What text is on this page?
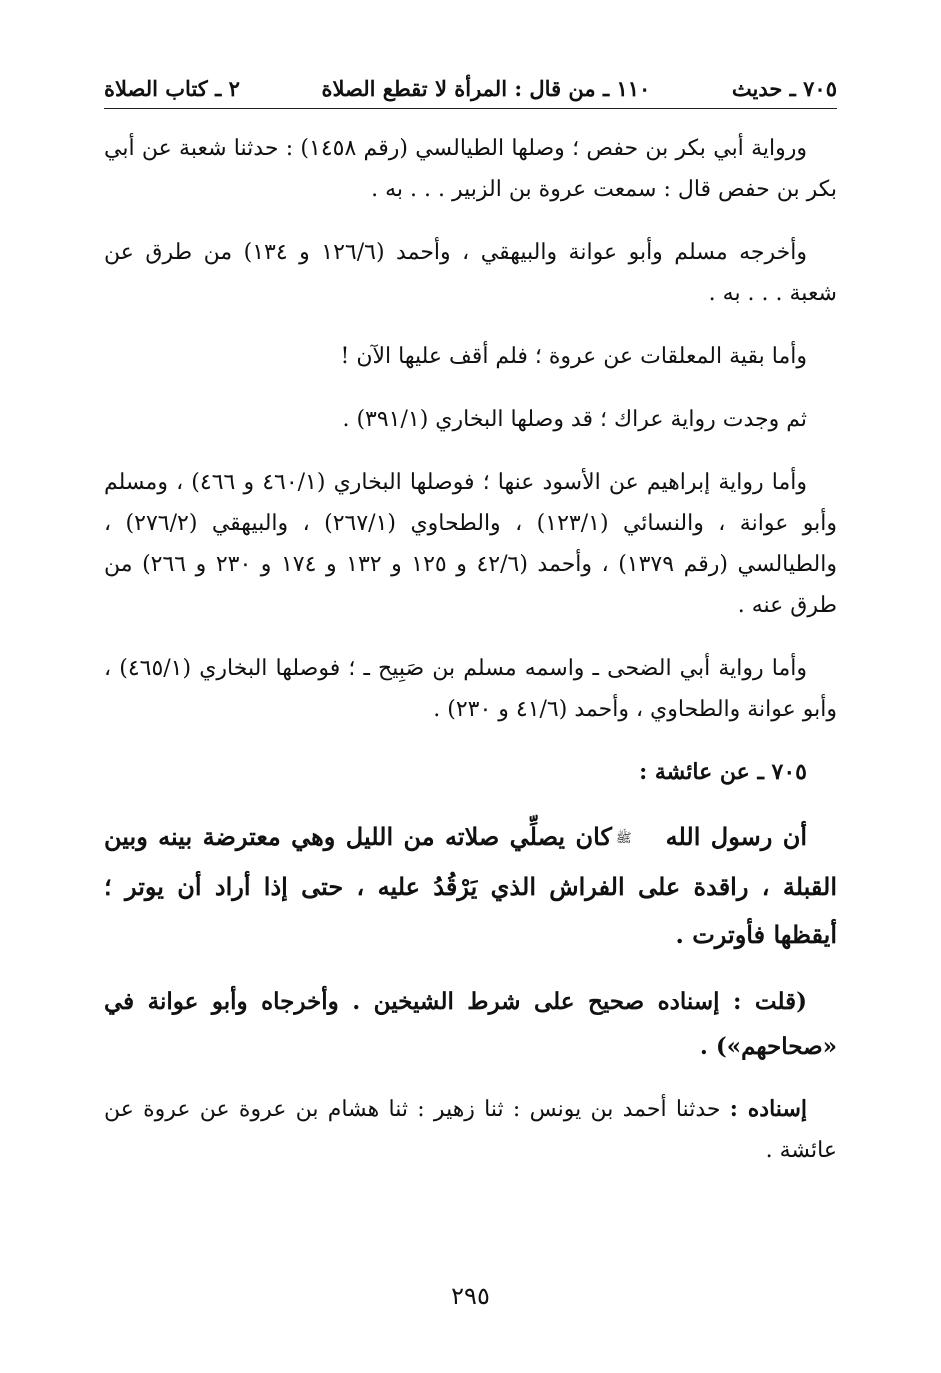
٢ ـ كتاب الصلاة	١١٠ ـ من قال : المرأة لا تقطع الصلاة	٧٠٥ ـ حديث

ورواية أبي بكر بن حفص ؛ وصلها الطيالسي (رقم ١٤٥٨) : حدثنا شعبة عن أبي بكر بن حفص قال : سمعت عروة بن الزبير . . . به .

وأخرجه مسلم وأبو عوانة والبيهقي ، وأحمد (١٢٦/٦ و ١٣٤) من طرق عن شعبة . . . به .

وأما بقية المعلقات عن عروة ؛ فلم أقف عليها الآن !

ثم وجدت رواية عراك ؛ قد وصلها البخاري (٣٩١/١) .

وأما رواية إبراهيم عن الأسود عنها ؛ فوصلها البخاري (٤٦٠/١ و ٤٦٦) ، ومسلم وأبو عوانة ، والنسائي (١٢٣/١) ، والطحاوي (٢٦٧/١) ، والبيهقي (٢٧٦/٢) ، والطيالسي (رقم ١٣٧٩) ، وأحمد (٤٢/٦ و ١٢٥ و ١٣٢ و ١٧٤ و ٢٣٠ و ٢٦٦) من طرق عنه .

وأما رواية أبي الضحى ـ واسمه مسلم بن صَبِيح ـ ؛ فوصلها البخاري (٤٦٥/١) ، وأبو عوانة والطحاوي ، وأحمد (٤١/٦ و ٢٣٠) .

٧٠٥ ـ عن عائشة :

أن رسول اللهﷺكان يصلِّي صلاته من الليل وهي معترضة بينه وبين القبلة ، راقدة على الفراش الذي يَرْقُدُ عليه ، حتى إذا أراد أن يوتر ؛ أيقظها فأوترت .

(قلت : إسناده صحيح على شرط الشيخين . وأخرجاه وأبو عوانة في «صحاحهم») .

إسناده : حدثنا أحمد بن يونس : ثنا زهير : ثنا هشام بن عروة عن عروة عن عائشة .

٢٩٥
